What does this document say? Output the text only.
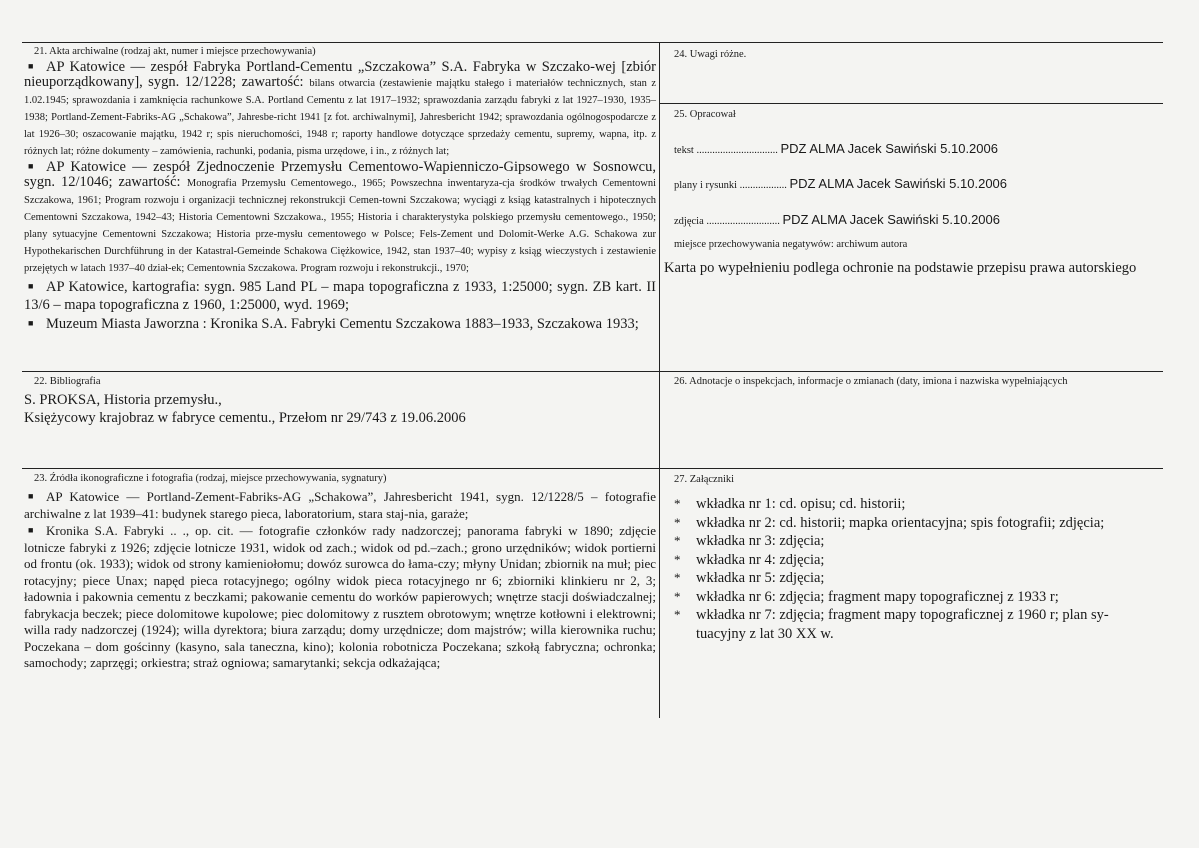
21. Akta archiwalne (rodzaj akt, numer i miejsce przechowywania)

■ AP Katowice — zespół Fabryka Portland-Cementu „Szczakowa” S.A. Fabryka w Szczako-wej [zbiór nieuporządkowany], sygn. 12/1228; zawartość: bilans otwarcia (zestawienie majątku stałego i materiałów technicznych, stan z 1.02.1945; sprawozdania i zamknięcia rachunkowe S.A. Portland Cementu z lat 1917–1932; sprawozdania zarządu fabryki z lat 1927–1930, 1935–1938; Portland-Zement-Fabriks-AG „Schakowa”, Jahresbe-richt 1941 [z fot. archiwalnymi], Jahresbericht 1942; sprawozdania ogólnogospodarcze z lat 1926–30; oszacowanie majątku, 1942 r; spis nieruchomości, 1948 r; raporty handlowe dotyczące sprzedaży cementu, supremy, wapna, itp. z różnych lat; różne dokumenty – zamówienia, rachunki, podania, pisma urzędowe, i in., z różnych lat;

■ AP Katowice — zespół Zjednoczenie Przemysłu Cementowo-Wapienniczo-Gipsowego w Sosnowcu, sygn. 12/1046; zawartość: Monografia Przemysłu Cementowego., 1965; Powszechna inwentaryza-cja środków trwałych Cementowni Szczakowa, 1961; Program rozwoju i organizacji technicznej rekonstrukcji Cemen-towni Szczakowa; wyciągi z ksiąg katastralnych i hipotecznych Cementowni Szczakowa, 1942–43; Historia Cementowni Szczakowa., 1955; Historia i charakterystyka polskiego przemysłu cementowego., 1950; plany sytuacyjne Cementowni Szczakowa; Historia prze-mysłu cementowego w Polsce; Fels-Zement und Dolomit-Werke A.G. Schakowa zur Hypothekarischen Durchführung in der Katastral-Gemeinde Schakowa Ciężkowice, 1942, stan 1937–40; wypisy z ksiąg wieczystych i zestawienie przejętych w latach 1937–40 dział-ek; Cementownia Szczakowa. Program rozwoju i rekonstrukcji., 1970;

■ AP Katowice, kartografia: sygn. 985 Land PL – mapa topograficzna z 1933, 1:25000; sygn. ZB kart. II 13/6 – mapa topograficzna z 1960, 1:25000, wyd. 1969;

■ Muzeum Miasta Jaworzna : Kronika S.A. Fabryki Cementu Szczakowa 1883–1933, Szczakowa 1933;

22. Bibliografia

S. PROKSA, Historia przemysłu.,

Księżycowy krajobraz w fabryce cementu., Przełom nr 29/743 z 19.06.2006

23. Źródła ikonograficzne i fotografia (rodzaj, miejsce przechowywania, sygnatury)

■ AP Katowice — Portland-Zement-Fabriks-AG „Schakowa”, Jahresbericht 1941, sygn. 12/1228/5 – fotografie archiwalne z lat 1939–41: budynek starego pieca, laboratorium, stara staj-nia, garaże;

■ Kronika S.A. Fabryki .. ., op. cit. — fotografie członków rady nadzorczej; panorama fabryki w 1890; zdjęcie lotnicze fabryki z 1926; zdjęcie lotnicze 1931, widok od zach.; widok od pd.–zach.; grono urzędników; widok portierni od frontu (ok. 1933); widok od strony kamieniołomu; dowóz surowca do łama-czy; młyny Unidan; zbiornik na muł; piec rotacyjny; piece Unax; napęd pieca rotacyjnego; ogólny widok pieca rotacyjnego nr 6; zbiorniki klinkieru nr 2, 3; ładownia i pakownia cementu z beczkami; pakowanie cementu do worków papierowych; wnętrze stacji doświadczalnej; fabrykacja beczek; piece dolomitowe kupolowe; piec dolomitowy z rusztem obrotowym; wnętrze kotłowni i elektrowni; willa rady nadzorczej (1924); willa dyrektora; biura zarządu; domy urzędnicze; dom majstrów; willa kierownika ruchu; Poczekana – dom gościnny (kasyno, sala taneczna, kino); kolonia robotnicza Poczekana; szkołą fabryczna; ochronka; samochody; zaprzęgi; orkiestra; straż ogniowa; samarytanki; sekcja odkażająca;

24. Uwagi różne.
25. Opracował
tekst ............................... PDZ ALMA Jacek Sawiński 5.10.2006
plany i rysunki .................. PDZ ALMA Jacek Sawiński 5.10.2006
zdjęcia ............................ PDZ ALMA Jacek Sawiński 5.10.2006
miejsce przechowywania negatywów: archiwum autora
Karta po wypełnieniu podlega ochronie na podstawie przepisu prawa autorskiego
26. Adnotacje o inspekcjach, informacje o zmianach (daty, imiona i nazwiska wypełniających
27. Załączniki
* wkładka nr 1: cd. opisu; cd. historii;
* wkładka nr 2: cd. historii; mapka orientacyjna; spis fotografii; zdjęcia;
* wkładka nr 3: zdjęcia;
* wkładka nr 4: zdjęcia;
* wkładka nr 5: zdjęcia;
* wkładka nr 6: zdjęcia; fragment mapy topograficznej z 1933 r;
* wkładka nr 7: zdjęcia; fragment mapy topograficznej z 1960 r; plan sy-tuacyjny z lat 30 XX w.
